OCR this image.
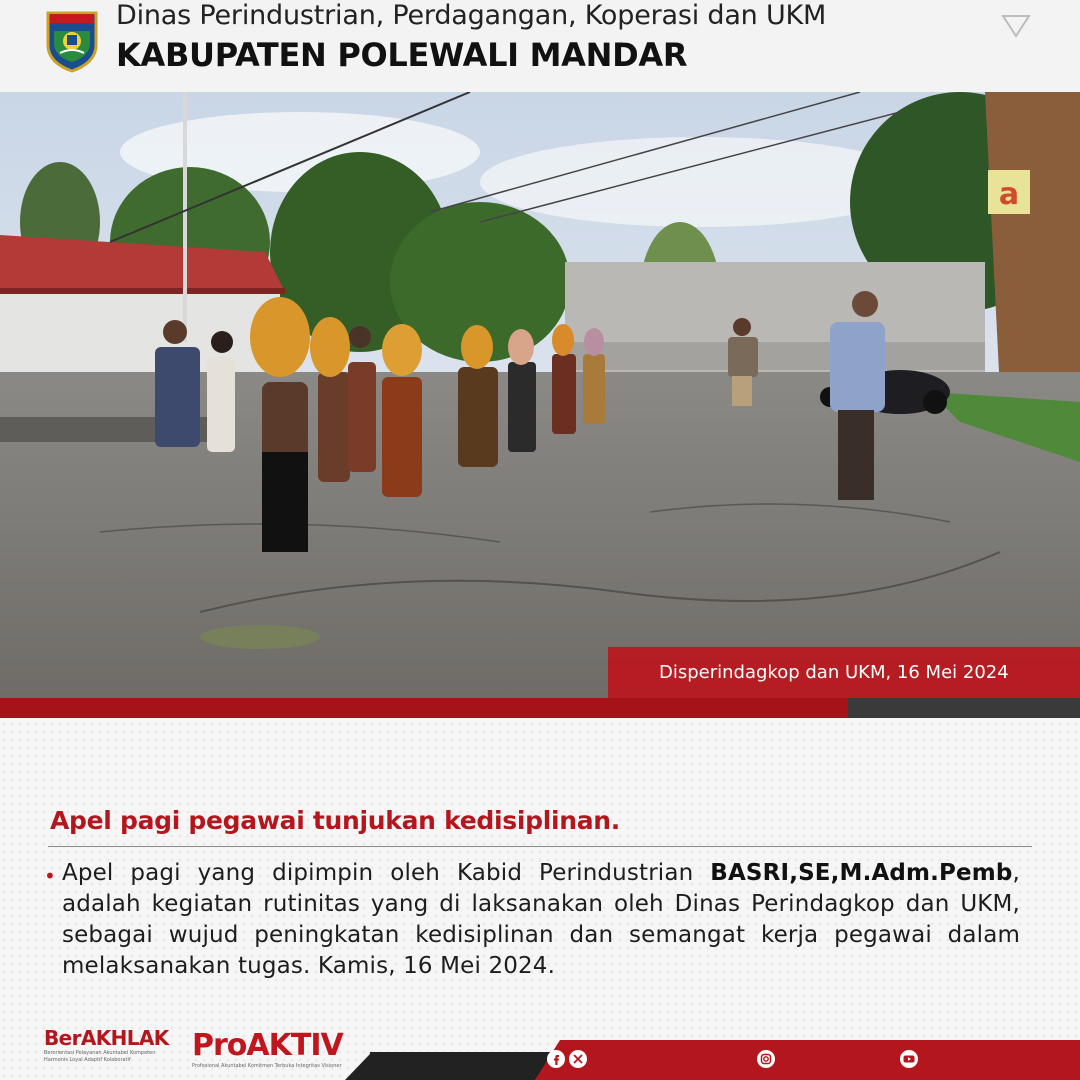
Dinas Perindustrian, Perdagangan, Koperasi dan UKM
KABUPATEN POLEWALI MANDAR
a
Disperindagkop dan UKM, 16 Mei 2024
Apel pagi pegawai tunjukan kedisiplinan.
• Apel pagi yang dipimpin oleh Kabid Perindustrian BASRI,SE,M.Adm.Pemb, adalah kegiatan rutinitas yang di laksanakan oleh Dinas Perindagkop dan UKM, sebagai wujud peningkatan kedisiplinan dan semangat kerja pegawai dalam melaksanakan tugas. Kamis, 16 Mei 2024.
BerAKHLAK
Berorientasi Pelayanan Akuntabel Kompeten
Harmonis Loyal Adaptif Kolaboratif	ProAKTIV
Profesional Akuntabel Komitmen Terbuka Integritas Visioner
